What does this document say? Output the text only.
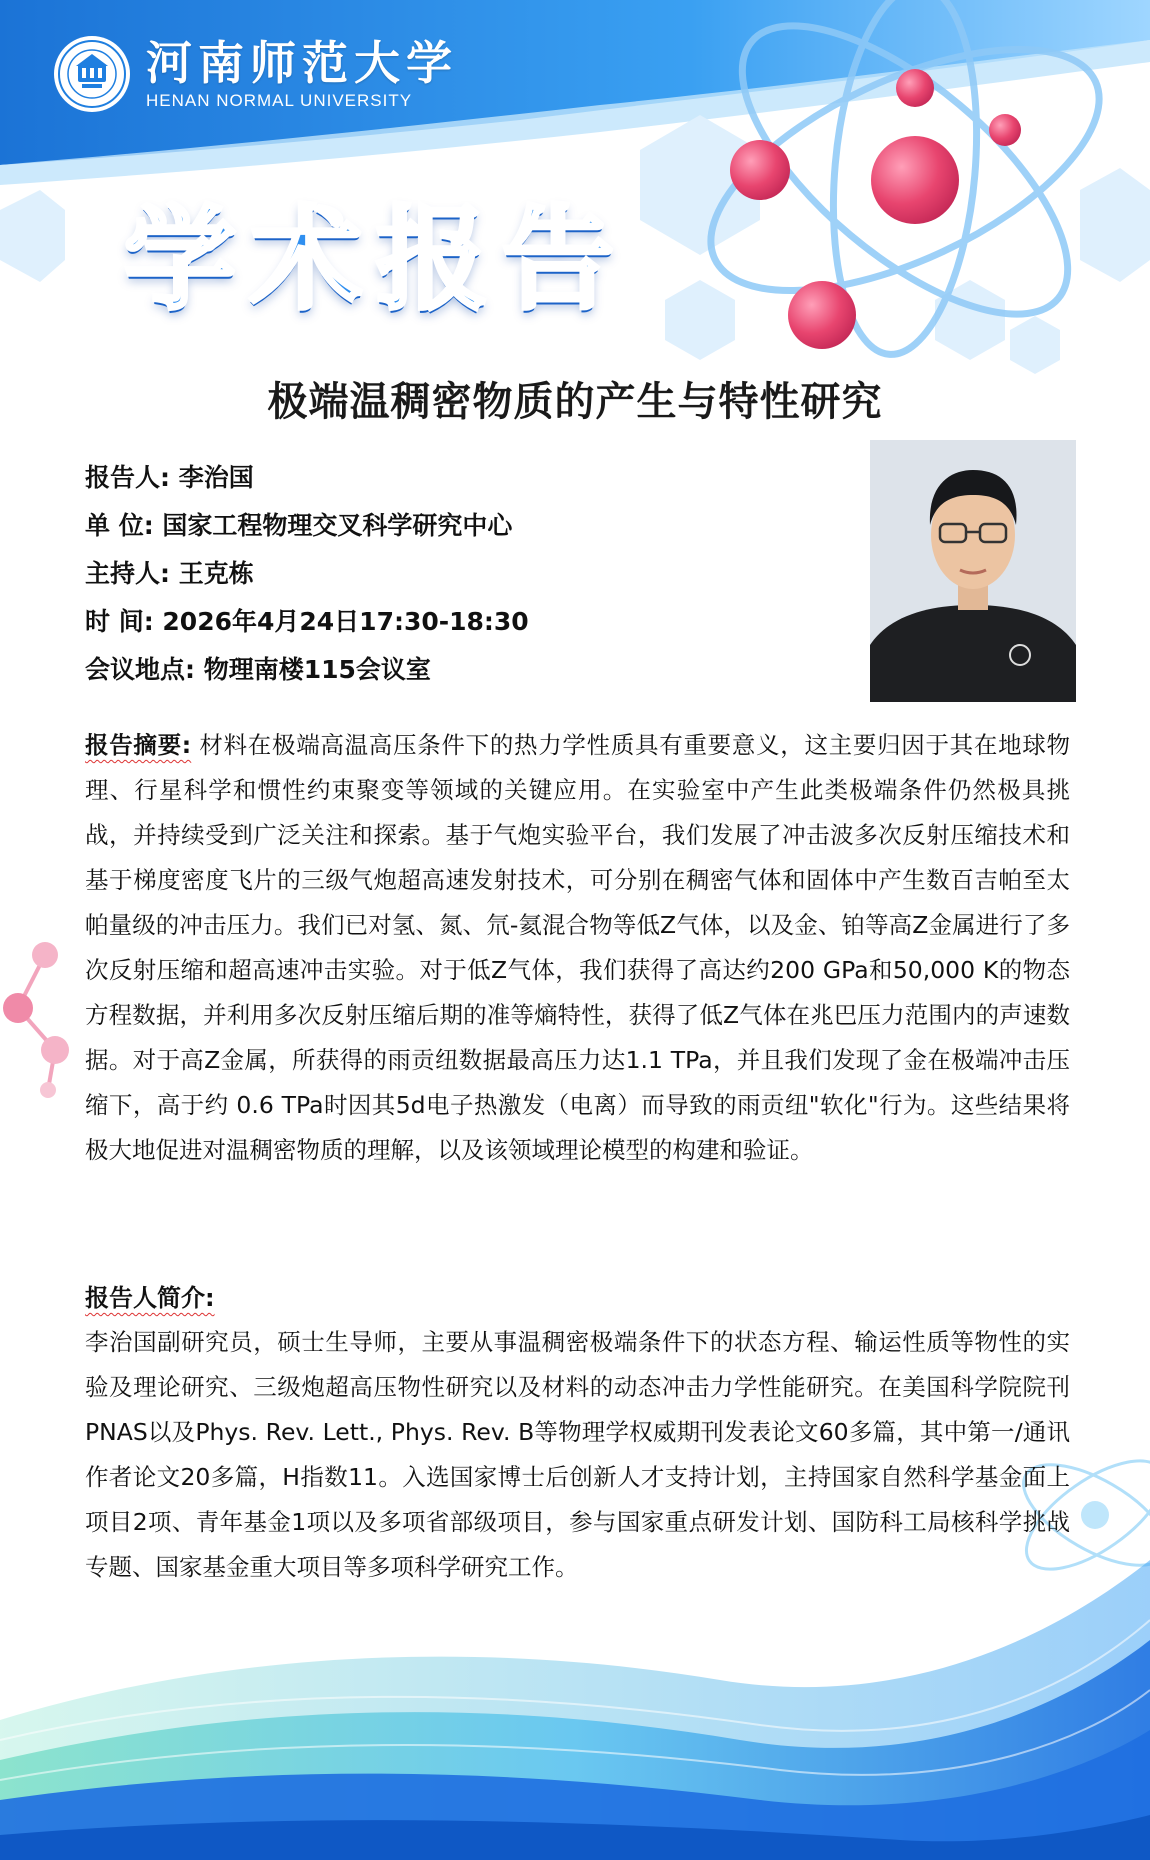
河南师范大学
HENAN NORMAL UNIVERSITY
学术报告
极端温稠密物质的产生与特性研究
报告人: 李治国
单 位: 国家工程物理交叉科学研究中心
主持人: 王克栋
时 间: 2026年4月24日17:30-18:30
会议地点: 物理南楼115会议室
报告摘要: 材料在极端高温高压条件下的热力学性质具有重要意义，这主要归因于其在地球物理、行星科学和惯性约束聚变等领域的关键应用。在实验室中产生此类极端条件仍然极具挑战，并持续受到广泛关注和探索。基于气炮实验平台，我们发展了冲击波多次反射压缩技术和基于梯度密度飞片的三级气炮超高速发射技术，可分别在稠密气体和固体中产生数百吉帕至太帕量级的冲击压力。我们已对氢、氮、氘-氦混合物等低Z气体，以及金、铂等高Z金属进行了多次反射压缩和超高速冲击实验。对于低Z气体，我们获得了高达约200 GPa和50,000 K的物态方程数据，并利用多次反射压缩后期的准等熵特性，获得了低Z气体在兆巴压力范围内的声速数据。对于高Z金属，所获得的雨贡纽数据最高压力达1.1 TPa，并且我们发现了金在极端冲击压缩下，高于约 0.6 TPa时因其5d电子热激发（电离）而导致的雨贡纽"软化"行为。这些结果将极大地促进对温稠密物质的理解，以及该领域理论模型的构建和验证。
报告人简介:
李治国副研究员，硕士生导师，主要从事温稠密极端条件下的状态方程、输运性质等物性的实验及理论研究、三级炮超高压物性研究以及材料的动态冲击力学性能研究。在美国科学院院刊 PNAS以及Phys. Rev. Lett., Phys. Rev. B等物理学权威期刊发表论文60多篇，其中第一/通讯作者论文20多篇，H指数11。入选国家博士后创新人才支持计划，主持国家自然科学基金面上项目2项、青年基金1项以及多项省部级项目，参与国家重点研发计划、国防科工局核科学挑战专题、国家基金重大项目等多项科学研究工作。
